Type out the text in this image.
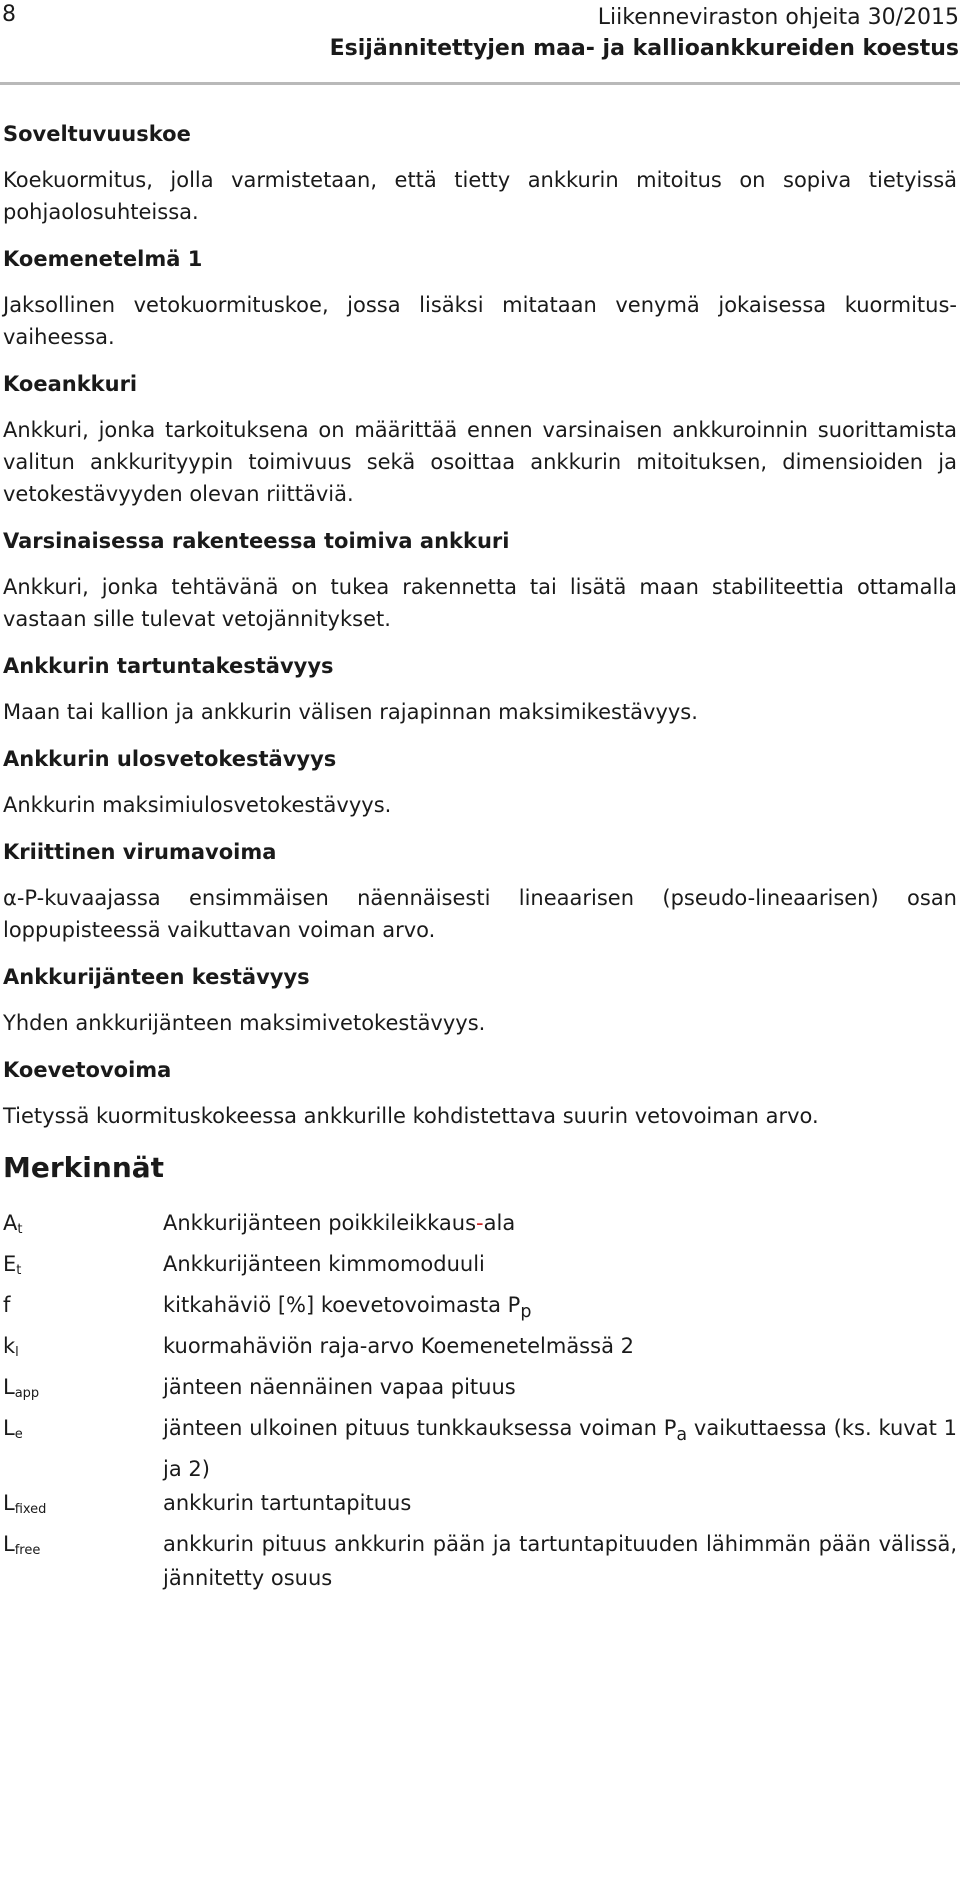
8	Liikenneviraston ohjeita 30/2015
Esijännitettyjen maa- ja kallioankkureiden koestus

Soveltuvuuskoe

Koekuormitus, jolla varmistetaan, että tietty ankkurin mitoitus on sopiva tietyissä pohjaolosuhteissa.

Koemenetelmä 1

Jaksollinen vetokuormituskoe, jossa lisäksi mitataan venymä jokaisessa kuormitusvaiheessa.

Koeankkuri

Ankkuri, jonka tarkoituksena on määrittää ennen varsinaisen ankkuroinnin suorittamista valitun ankkurityypin toimivuus sekä osoittaa ankkurin mitoituksen, dimensioiden ja vetokestävyyden olevan riittäviä.

Varsinaisessa rakenteessa toimiva ankkuri

Ankkuri, jonka tehtävänä on tukea rakennetta tai lisätä maan stabiliteettia ottamalla vastaan sille tulevat vetojännitykset.

Ankkurin tartuntakestävyys

Maan tai kallion ja ankkurin välisen rajapinnan maksimikestävyys.

Ankkurin ulosvetokestävyys

Ankkurin maksimiulosvetokestävyys.

Kriittinen virumavoima

α-P-kuvaajassa ensimmäisen näennäisesti lineaarisen (pseudo-lineaarisen) osan loppupisteessä vaikuttavan voiman arvo.

Ankkurijänteen kestävyys

Yhden ankkurijänteen maksimivetokestävyys.

Koevetovoima

Tietyssä kuormituskokeessa ankkurille kohdistettava suurin vetovoiman arvo.

Merkinnät
$A_t$	Ankkurijänteen poikkileikkaus-ala
$E_t$	Ankkurijänteen kimmomoduuli
f	kitkahäviö [%] koevetovoimasta $P_p$
$k_l$	kuormahäviön raja-arvo Koemenetelmässä 2
$L_{app}$	jänteen näennäinen vapaa pituus
$L_e$	jänteen ulkoinen pituus tunkkauksessa voiman $P_a$ vaikuttaessa (ks. kuvat 1 ja 2)
$L_{fixed}$	ankkurin tartuntapituus
$L_{free}$	ankkurin pituus ankkurin pään ja tartuntapituuden lähimmän pään välissä, jännitetty osuus
